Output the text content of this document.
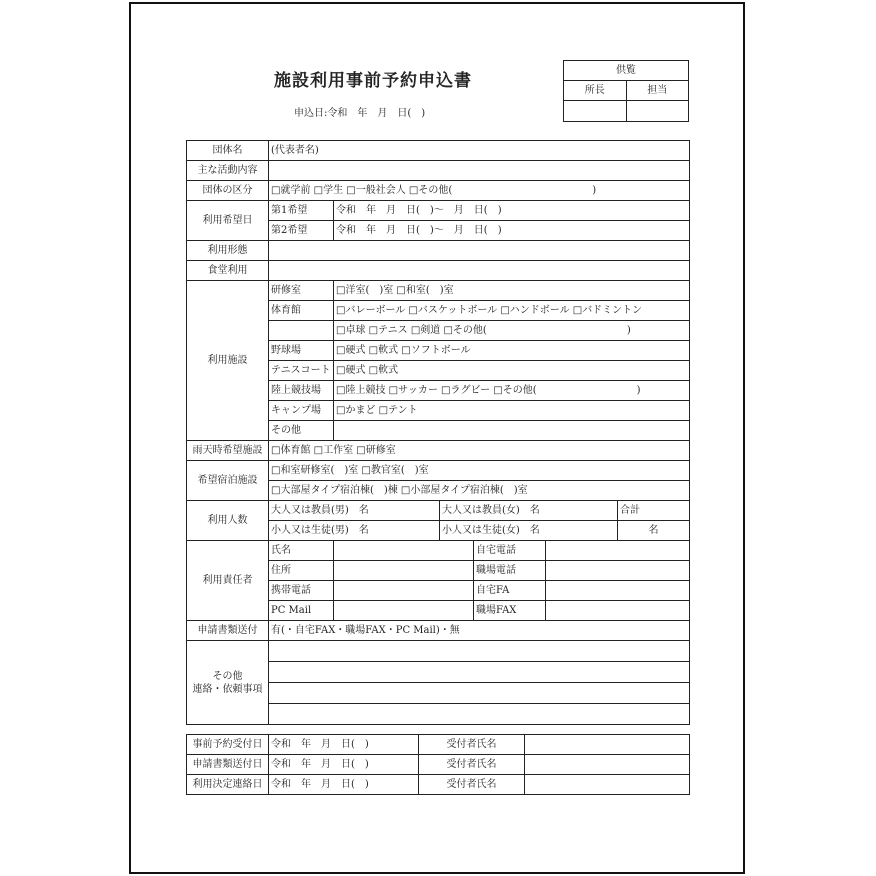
施設利用事前予約申込書
申込日:令和　年　月　日(　)
供覧	
所長	担当

団体名	(代表者名)					
主な活動内容						
団体の区分	□就学前 □学生 □一般社会人 □その他(　　　　　　　　　　　　　　)					
利用希望日	第1希望	令和　年　月　日(　)〜　月　日(　)				
	第2希望	令和　年　月　日(　)〜　月　日(　)				
利用形態						
食堂利用						
利用施設	研修室	□洋室(　)室 □和室(　)室				
	体育館	□バレーボール □バスケットボール □ハンドボール □バドミントン				
		□卓球 □テニス □剣道 □その他(　　　　　　　　　　　　　　)				
	野球場	□硬式 □軟式 □ソフトボール				
	テニスコート	□硬式 □軟式				
	陸上競技場	□陸上競技 □サッカー □ラグビー □その他(　　　　　　　　　　)				
	キャンプ場	□かまど □テント				
	その他					
雨天時希望施設	□体育館 □工作室 □研修室					
希望宿泊施設	□和室研修室(　)室 □教官室(　)室					
	□大部屋タイプ宿泊棟(　)棟 □小部屋タイプ宿泊棟(　)室					
利用人数	大人又は教員(男)　名		大人又は教員(女)　名			合計
	小人又は生徒(男)　名		小人又は生徒(女)　名			名
利用責任者	氏名			自宅電話		
	住所			職場電話		
	携帯電話			自宅FA		
	PC Mail			職場FAX		
申請書類送付	有(・自宅FAX・職場FAX・PC Mail)・無					

その他
連絡・依頼事項						

事前予約受付日	令和　年　月　日(　)	受付者氏名	
申請書類送付日	令和　年　月　日(　)	受付者氏名	
利用決定連絡日	令和　年　月　日(　)	受付者氏名	
